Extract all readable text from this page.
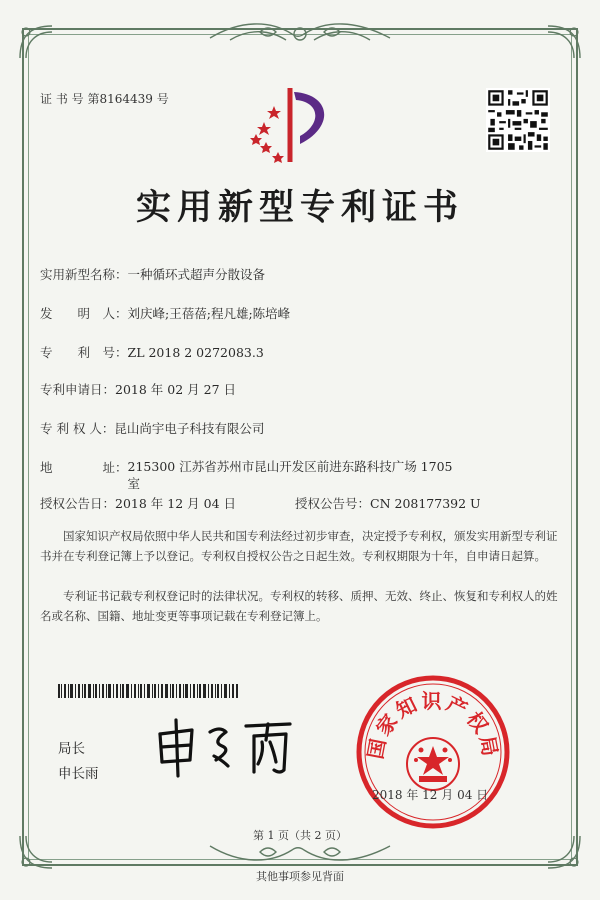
证 书 号 第8164439 号
实用新型专利证书
实用新型名称：一种循环式超声分散设备
发　　明　人：刘庆峰;王蓓蓓;程凡雄;陈培峰
专　　利　号：ZL 2018 2 0272083.3
专利申请日：2018 年 02 月 27 日
专 利 权 人：昆山尚宇电子科技有限公司
地　　　　址：215300 江苏省苏州市昆山开发区前进东路科技广场 1705
室
授权公告日：2018 年 12 月 04 日	授权公告号：CN 208177392 U
国家知识产权局依照中华人民共和国专利法经过初步审查，决定授予专利权，颁发实用新型专利证书并在专利登记簿上予以登记。专利权自授权公告之日起生效。专利权期限为十年，自申请日起算。
专利证书记载专利权登记时的法律状况。专利权的转移、质押、无效、终止、恢复和专利权人的姓名或名称、国籍、地址变更等事项记载在专利登记簿上。
局长
申长雨
国家知识产权局
2018 年 12 月 04 日
第 1 页（共 2 页）
其他事项参见背面
